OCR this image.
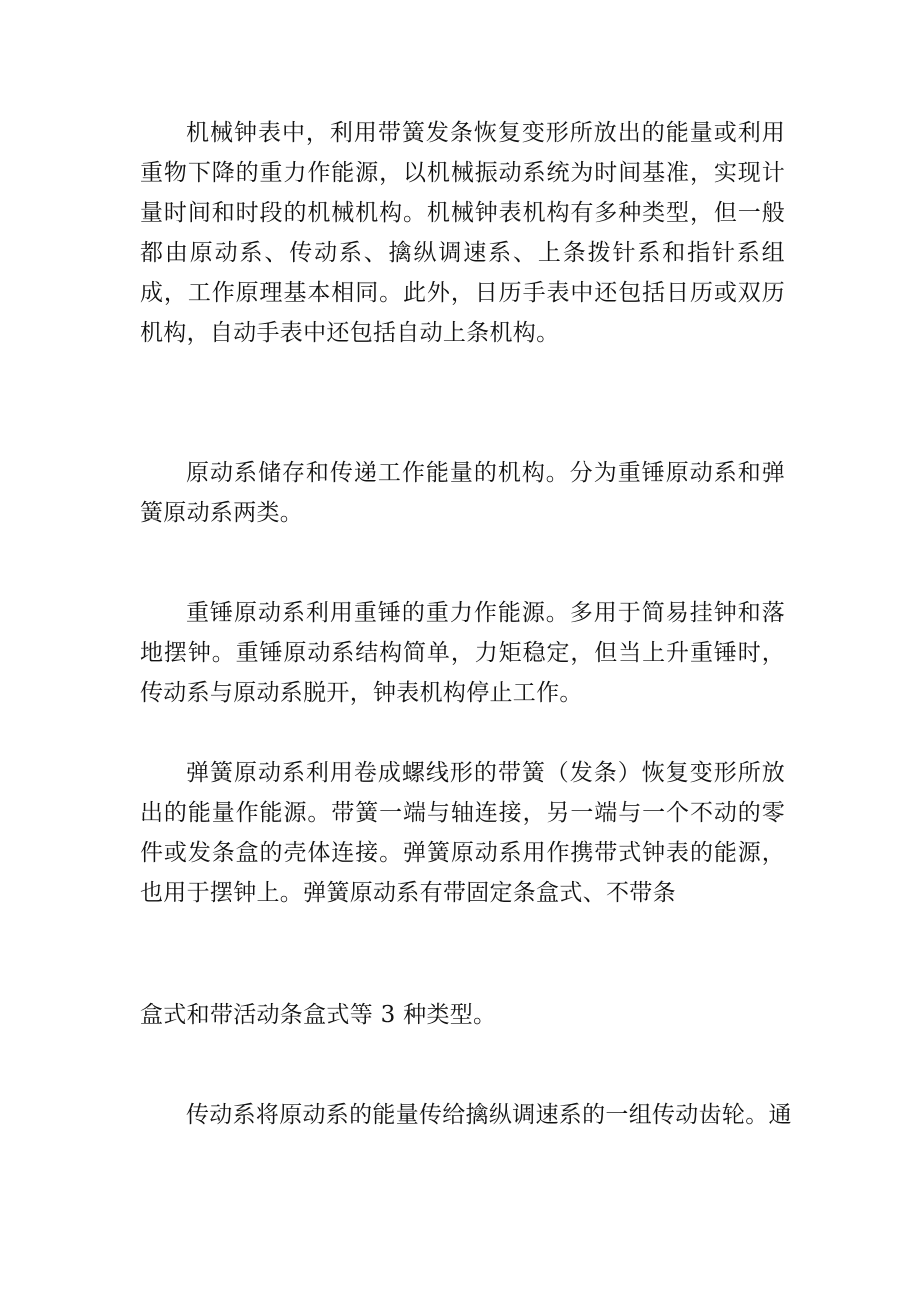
机械钟表中，利用带簧发条恢复变形所放出的能量或利用重物下降的重力作能源，以机械振动系统为时间基准，实现计量时间和时段的机械机构。机械钟表机构有多种类型，但一般都由原动系、传动系、擒纵调速系、上条拨针系和指针系组成，工作原理基本相同。此外，日历手表中还包括日历或双历机构，自动手表中还包括自动上条机构。

原动系储存和传递工作能量的机构。分为重锤原动系和弹簧原动系两类。

重锤原动系利用重锤的重力作能源。多用于简易挂钟和落地摆钟。重锤原动系结构简单，力矩稳定，但当上升重锤时，传动系与原动系脱开，钟表机构停止工作。

弹簧原动系利用卷成螺线形的带簧（发条）恢复变形所放出的能量作能源。带簧一端与轴连接，另一端与一个不动的零件或发条盒的壳体连接。弹簧原动系用作携带式钟表的能源，也用于摆钟上。弹簧原动系有带固定条盒式、不带条

盒式和带活动条盒式等 3 种类型。

传动系将原动系的能量传给擒纵调速系的一组传动齿轮。通
